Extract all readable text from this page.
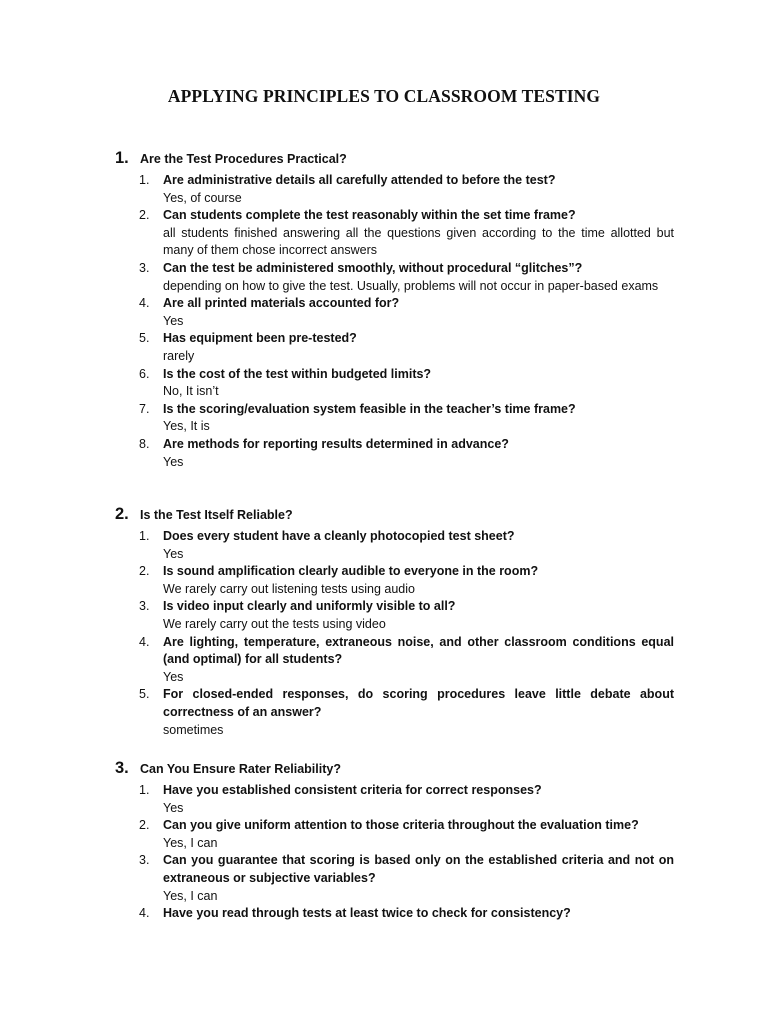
APPLYING PRINCIPLES TO CLASSROOM TESTING
1. Are the Test Procedures Practical?
1. Are administrative details all carefully attended to before the test?
Yes, of course
2. Can students complete the test reasonably within the set time frame?
all students finished answering all the questions given according to the time allotted but many of them chose incorrect answers
3. Can the test be administered smoothly, without procedural “glitches”?
depending on how to give the test. Usually, problems will not occur in paper-based exams
4. Are all printed materials accounted for?
Yes
5. Has equipment been pre-tested?
rarely
6. Is the cost of the test within budgeted limits?
No, It isn’t
7. Is the scoring/evaluation system feasible in the teacher’s time frame?
Yes, It is
8. Are methods for reporting results determined in advance?
Yes
2. Is the Test Itself Reliable?
1. Does every student have a cleanly photocopied test sheet?
Yes
2. Is sound amplification clearly audible to everyone in the room?
We rarely carry out listening tests using audio
3. Is video input clearly and uniformly visible to all?
We rarely carry out the tests using video
4. Are lighting, temperature, extraneous noise, and other classroom conditions equal (and optimal) for all students?
Yes
5. For closed-ended responses, do scoring procedures leave little debate about correctness of an answer?
sometimes
3. Can You Ensure Rater Reliability?
1. Have you established consistent criteria for correct responses?
Yes
2. Can you give uniform attention to those criteria throughout the evaluation time?
Yes, I can
3. Can you guarantee that scoring is based only on the established criteria and not on extraneous or subjective variables?
Yes, I can
4. Have you read through tests at least twice to check for consistency?
